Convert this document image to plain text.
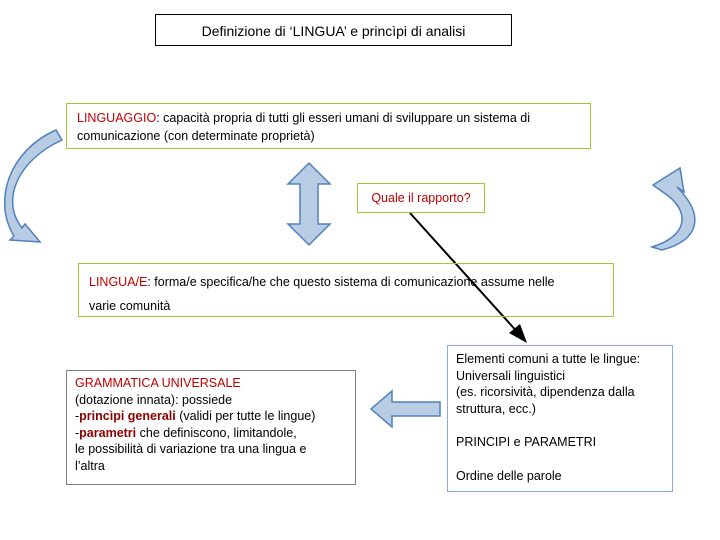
Definizione di ‘LINGUA’ e princìpi di analisi

LINGUAGGIO: capacità propria di tutti gli esseri umani di sviluppare un sistema di

comunicazione (con determinate proprietà)

Quale il rapporto?

LINGUA/E: forma/e specifica/he che questo sistema di comunicazione assume nelle

varie comunità

GRAMMATICA UNIVERSALE

(dotazione innata): possiede

-princìpi generali (validi per tutte le lingue)

-parametri che definiscono, limitandole,

le possibilità di variazione tra una lingua e

l’altra

Elementi comuni a tutte le lingue:

Universali linguistici

(es. ricorsività, dipendenza dalla

struttura, ecc.)

PRINCIPI e PARAMETRI

Ordine delle parole
